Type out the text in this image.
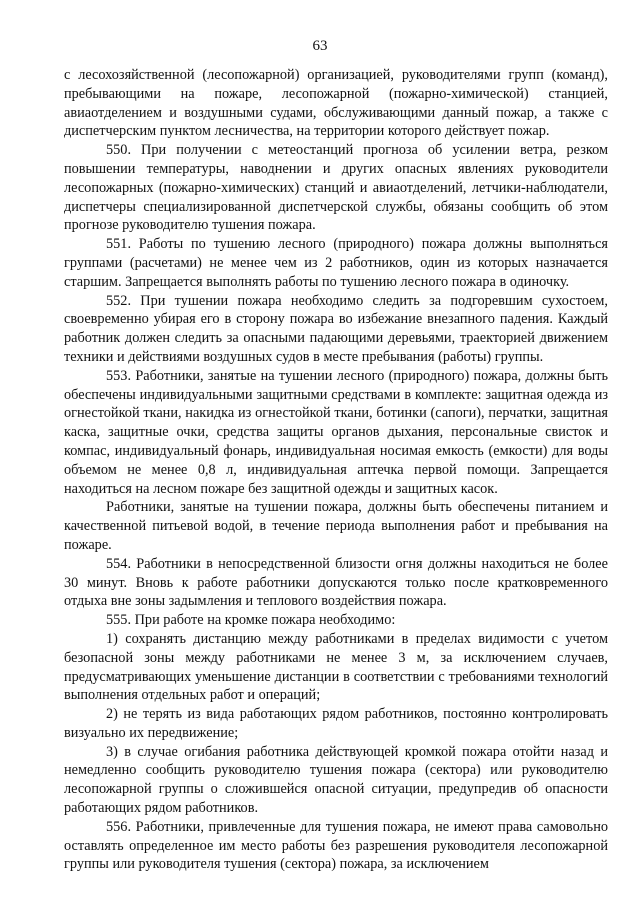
63

с лесохозяйственной (лесопожарной) организацией, руководителями групп (команд), пребывающими на пожаре, лесопожарной (пожарно-химической) станцией, авиаотделением и воздушными судами, обслуживающими данный пожар, а также с диспетчерским пунктом лесничества, на территории которого действует пожар.

550. При получении с метеостанций прогноза об усилении ветра, резком повышении температуры, наводнении и других опасных явлениях руководители лесопожарных (пожарно-химических) станций и авиаотделений, летчики-наблюдатели, диспетчеры специализированной диспетчерской службы, обязаны сообщить об этом прогнозе руководителю тушения пожара.

551. Работы по тушению лесного (природного) пожара должны выполняться группами (расчетами) не менее чем из 2 работников, один из которых назначается старшим. Запрещается выполнять работы по тушению лесного пожара в одиночку.

552. При тушении пожара необходимо следить за подгоревшим сухостоем, своевременно убирая его в сторону пожара во избежание внезапного падения. Каждый работник должен следить за опасными падающими деревьями, траекторией движением техники и действиями воздушных судов в месте пребывания (работы) группы.

553. Работники, занятые на тушении лесного (природного) пожара, должны быть обеспечены индивидуальными защитными средствами в комплекте: защитная одежда из огнестойкой ткани, накидка из огнестойкой ткани, ботинки (сапоги), перчатки, защитная каска, защитные очки, средства защиты органов дыхания, персональные свисток и компас, индивидуальный фонарь, индивидуальная носимая емкость (емкости) для воды объемом не менее 0,8 л, индивидуальная аптечка первой помощи. Запрещается находиться на лесном пожаре без защитной одежды и защитных касок.

Работники, занятые на тушении пожара, должны быть обеспечены питанием и качественной питьевой водой, в течение периода выполнения работ и пребывания на пожаре.

554. Работники в непосредственной близости огня должны находиться не более 30 минут. Вновь к работе работники допускаются только после кратковременного отдыха вне зоны задымления и теплового воздействия пожара.

555. При работе на кромке пожара необходимо:

1) сохранять дистанцию между работниками в пределах видимости с учетом безопасной зоны между работниками не менее 3 м, за исключением случаев, предусматривающих уменьшение дистанции в соответствии с требованиями технологий выполнения отдельных работ и операций;

2) не терять из вида работающих рядом работников, постоянно контролировать визуально их передвижение;

3) в случае огибания работника действующей кромкой пожара отойти назад и немедленно сообщить руководителю тушения пожара (сектора) или руководителю лесопожарной группы о сложившейся опасной ситуации, предупредив об опасности работающих рядом работников.

556. Работники, привлеченные для тушения пожара, не имеют права самовольно оставлять определенное им место работы без разрешения руководителя лесопожарной группы или руководителя тушения (сектора) пожара, за исключением
